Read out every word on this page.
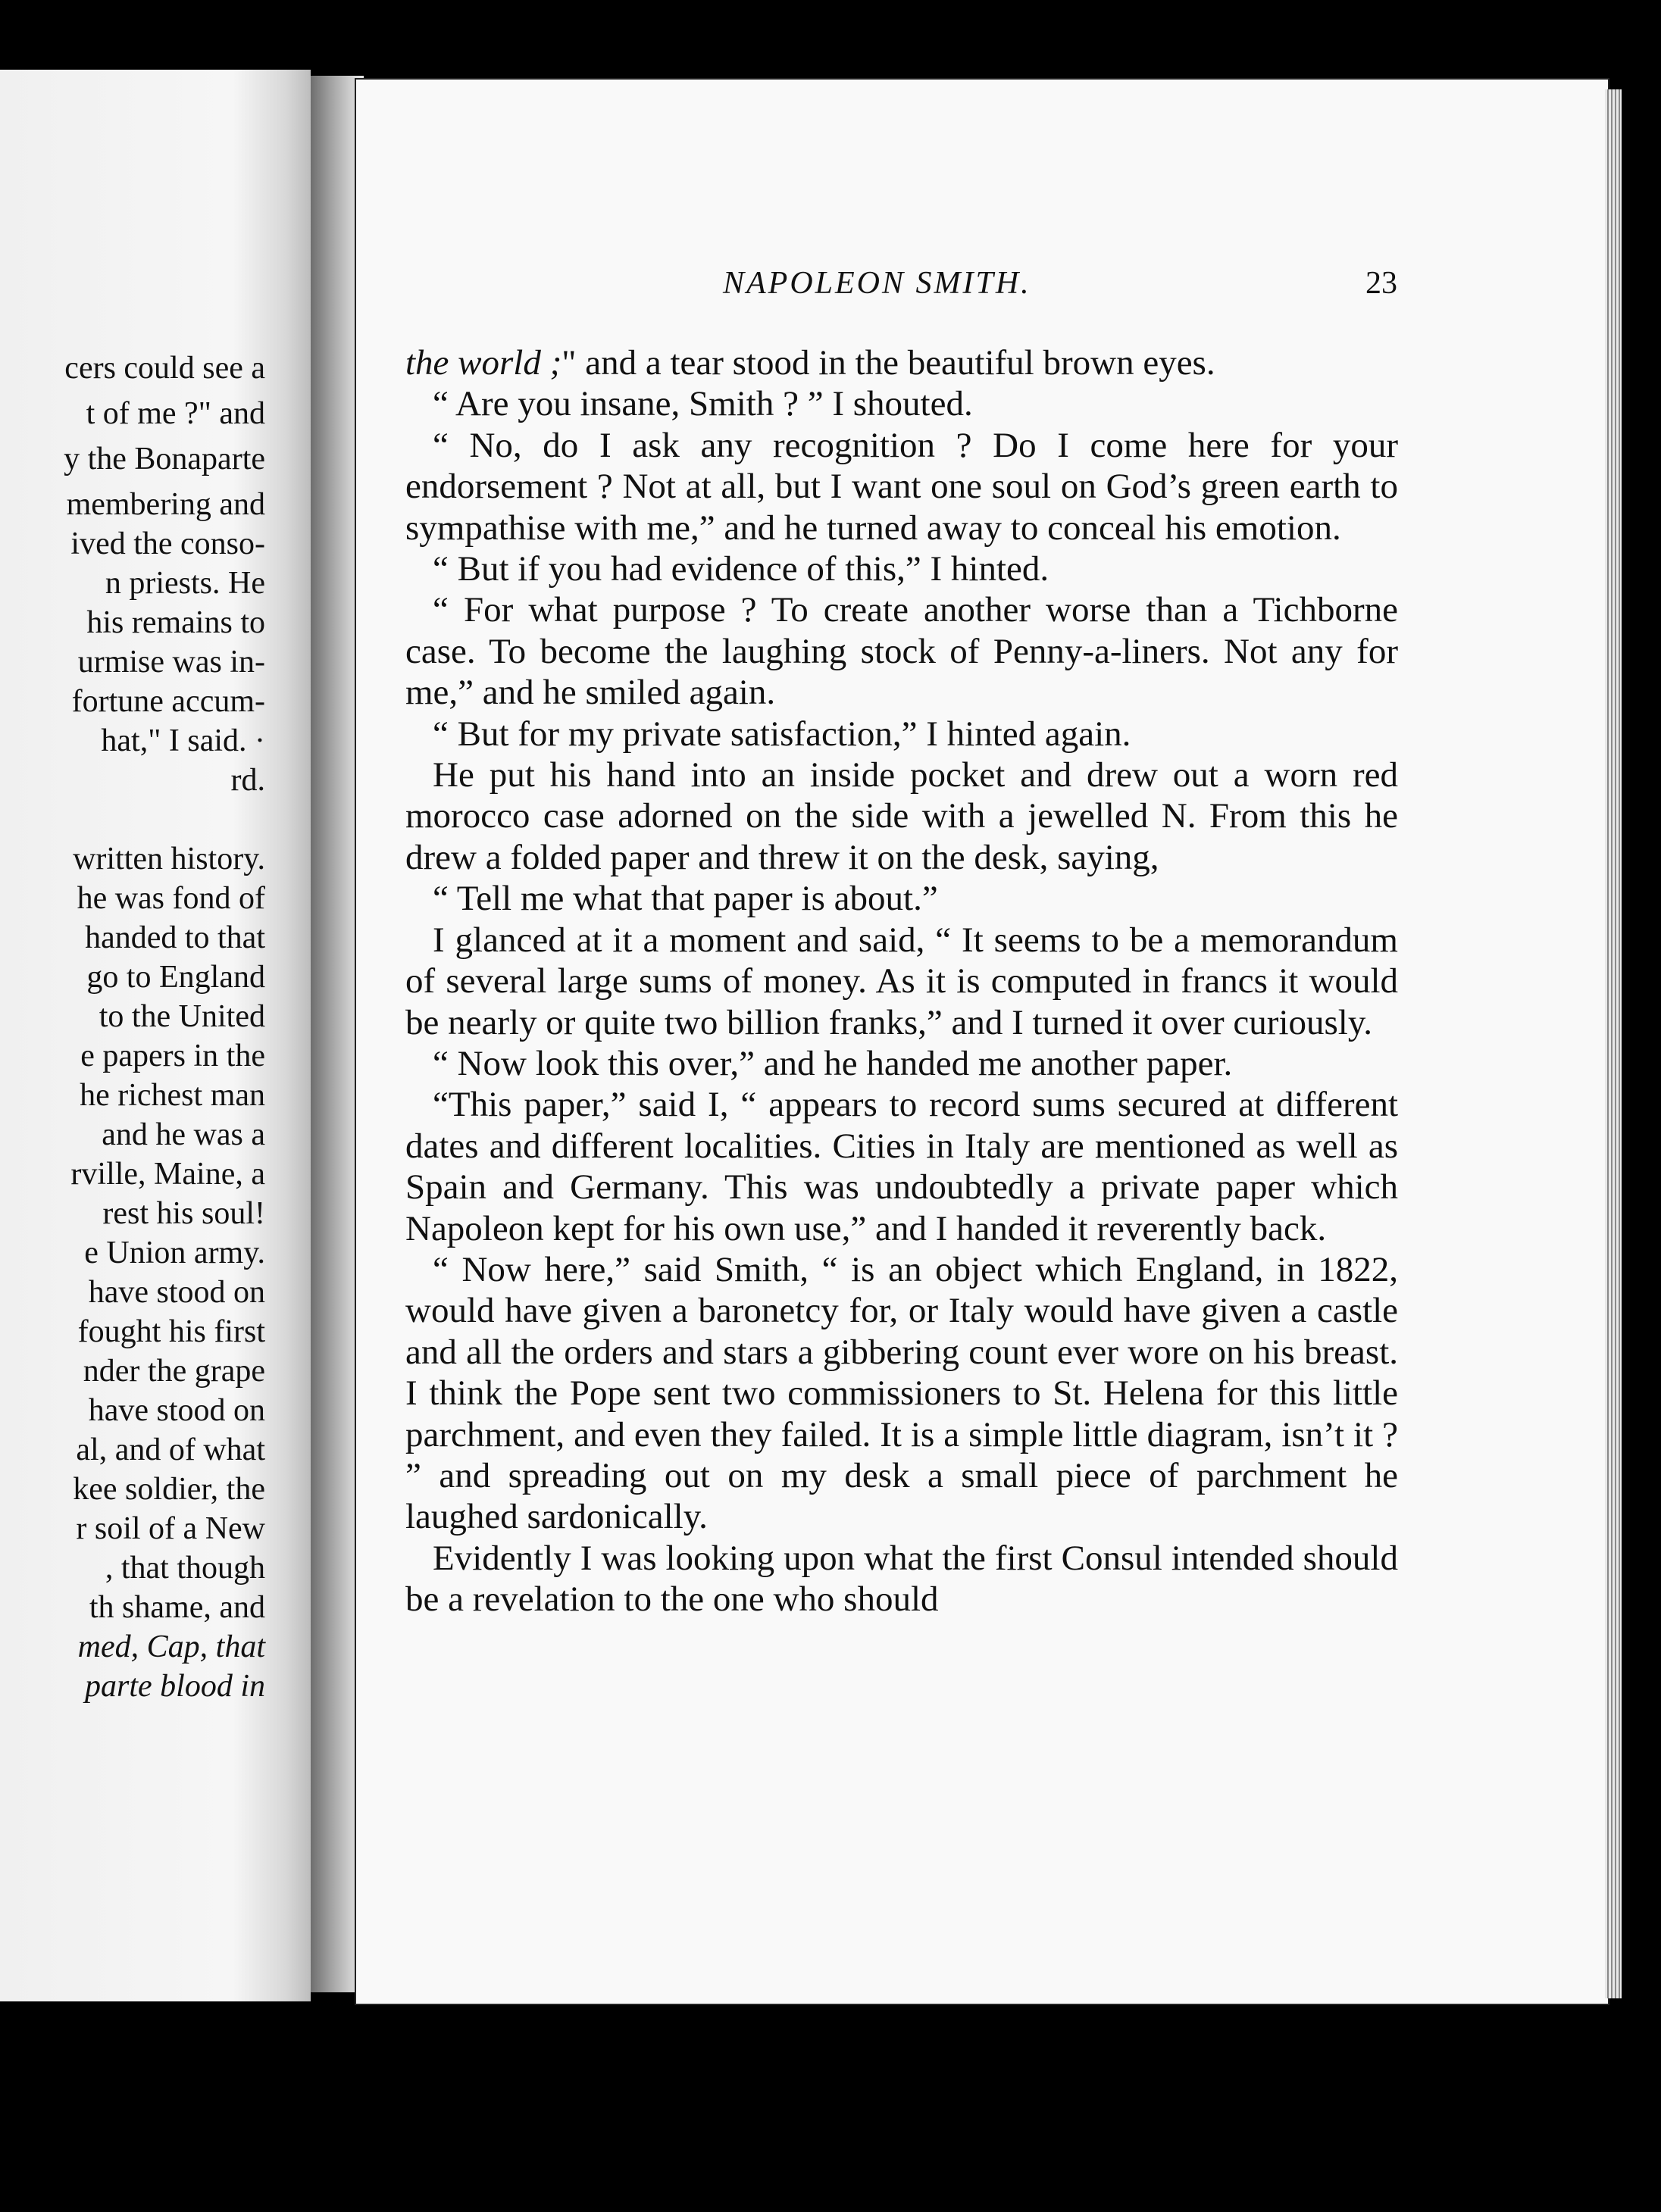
cers could see a
t of me ?" and
y the Bonaparte
membering and
ived the conso-
n priests. He
his remains to
urmise was in-
fortune accum-
hat," I said. ·
rd.
written history.
he was fond of
handed to that
go to England
to the United
e papers in the
he richest man
and he was a
rville, Maine, a
rest his soul!
e Union army.
have stood on
fought his first
nder the grape
have stood on
al, and of what
kee soldier, the
r soil of a New
, that though
th shame, and
med, Cap, that
parte blood in
NAPOLEON SMITH.	23

the world ;" and a tear stood in the beautiful brown eyes.

“ Are you insane, Smith ? ” I shouted.

“ No, do I ask any recognition ? Do I come here for your endorsement ? Not at all, but I want one soul on God’s green earth to sympathise with me,” and he turned away to conceal his emotion.

“ But if you had evidence of this,” I hinted.

“ For what purpose ? To create another worse than a Tichborne case. To become the laughing stock of Penny-a-liners. Not any for me,” and he smiled again.

“ But for my private satisfaction,” I hinted again.

He put his hand into an inside pocket and drew out a worn red morocco case adorned on the side with a jewelled N. From this he drew a folded paper and threw it on the desk, saying,

“ Tell me what that paper is about.”

I glanced at it a moment and said, “ It seems to be a memorandum of several large sums of money. As it is computed in francs it would be nearly or quite two billion franks,” and I turned it over curiously.

“ Now look this over,” and he handed me another paper.

“This paper,” said I, “ appears to record sums secured at different dates and different localities. Cities in Italy are mentioned as well as Spain and Germany. This was undoubtedly a private paper which Napoleon kept for his own use,” and I handed it reverently back.

“ Now here,” said Smith, “ is an object which England, in 1822, would have given a baronetcy for, or Italy would have given a castle and all the orders and stars a gibbering count ever wore on his breast. I think the Pope sent two commissioners to St. Helena for this little parchment, and even they failed. It is a simple little diagram, isn’t it ? ” and spreading out on my desk a small piece of parchment he laughed sardonically.

Evidently I was looking upon what the first Consul intended should be a revelation to the one who should
